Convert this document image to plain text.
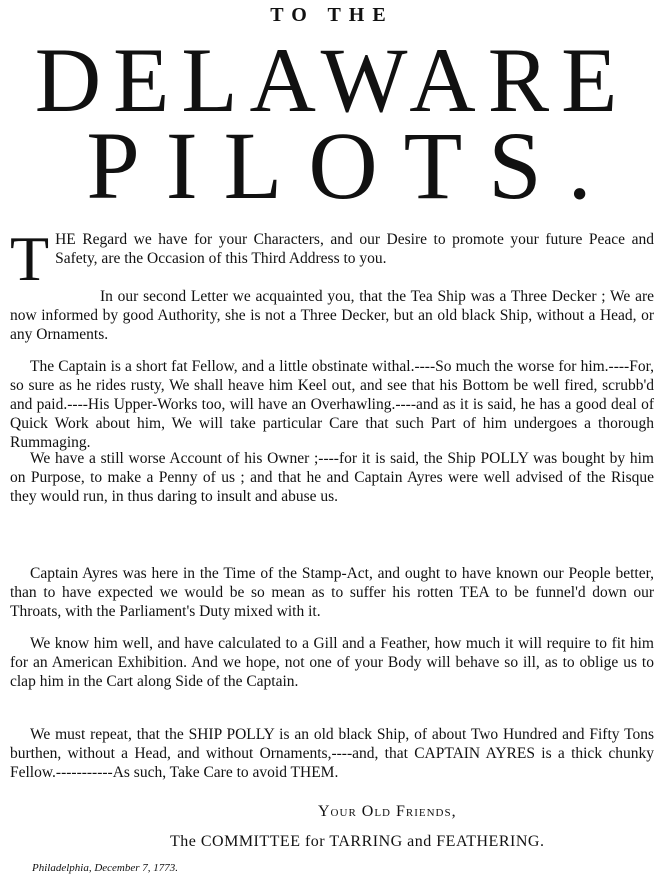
TO THE
DELAWARE
PILOTS.

T HE Regard we have for your Characters, and our Desire to promote your future Peace and Safety, are the Occasion of this Third Address to you.

In our second Letter we acquainted you, that the Tea Ship was a Three Decker ; We are now informed by good Authority, she is not a Three Decker, but an old black Ship, without a Head, or any Ornaments.

The Captain is a short fat Fellow, and a little obstinate withal.----So much the worse for him.----For, so sure as he rides rusty, We shall heave him Keel out, and see that his Bottom be well fired, scrubb'd and paid.----His Upper-Works too, will have an Overhawling.----and as it is said, he has a good deal of Quick Work about him, We will take particular Care that such Part of him undergoes a thorough Rummaging.

We have a still worse Account of his Owner ;----for it is said, the Ship POLLY was bought by him on Purpose, to make a Penny of us ; and that he and Captain Ayres were well advised of the Risque they would run, in thus daring to insult and abuse us.

Captain Ayres was here in the Time of the Stamp-Act, and ought to have known our People better, than to have expected we would be so mean as to suffer his rotten TEA to be funnel'd down our Throats, with the Parliament's Duty mixed with it.

We know him well, and have calculated to a Gill and a Feather, how much it will require to fit him for an American Exhibition. And we hope, not one of your Body will behave so ill, as to oblige us to clap him in the Cart along Side of the Captain.

We must repeat, that the SHIP POLLY is an old black Ship, of about Two Hundred and Fifty Tons burthen, without a Head, and without Ornaments,----and, that CAPTAIN AYRES is a thick chunky Fellow.-----------As such, Take Care to avoid THEM.

Your Old Friends,
The COMMITTEE for TARRING and FEATHERING.
Philadelphia, December 7, 1773.
